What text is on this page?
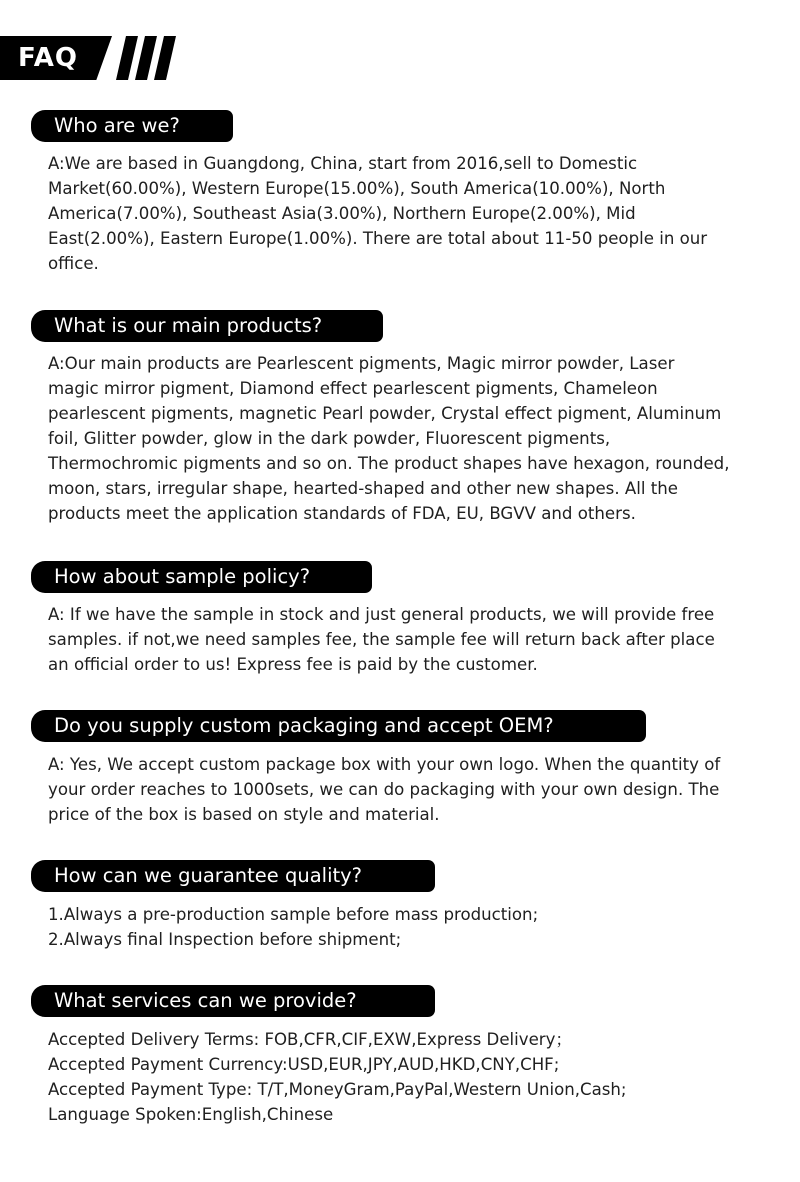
FAQ
Who are we?
A:We are based in Guangdong, China, start from 2016,sell to Domestic
Market(60.00%), Western Europe(15.00%), South America(10.00%), North
America(7.00%), Southeast Asia(3.00%), Northern Europe(2.00%), Mid
East(2.00%), Eastern Europe(1.00%). There are total about 11-50 people in our
office.
What is our main products?
A:Our main products are Pearlescent pigments, Magic mirror powder, Laser
magic mirror pigment, Diamond effect pearlescent pigments, Chameleon
pearlescent pigments, magnetic Pearl powder, Crystal effect pigment, Aluminum
foil, Glitter powder, glow in the dark powder, Fluorescent pigments,
Thermochromic pigments and so on. The product shapes have hexagon, rounded,
moon, stars, irregular shape, hearted-shaped and other new shapes. All the
products meet the application standards of FDA, EU, BGVV and others.
How about sample policy?
A: If we have the sample in stock and just general products, we will provide free
samples. if not,we need samples fee, the sample fee will return back after place
an official order to us! Express fee is paid by the customer.
Do you supply custom packaging and accept OEM?
A: Yes, We accept custom package box with your own logo. When the quantity of
your order reaches to 1000sets, we can do packaging with your own design. The
price of the box is based on style and material.
How can we guarantee quality?
1.Always a pre-production sample before mass production;
2.Always final Inspection before shipment;
What services can we provide?
Accepted Delivery Terms: FOB,CFR,CIF,EXW,Express Delivery；
Accepted Payment Currency:USD,EUR,JPY,AUD,HKD,CNY,CHF;
Accepted Payment Type: T/T,MoneyGram,PayPal,Western Union,Cash;
Language Spoken:English,Chinese
